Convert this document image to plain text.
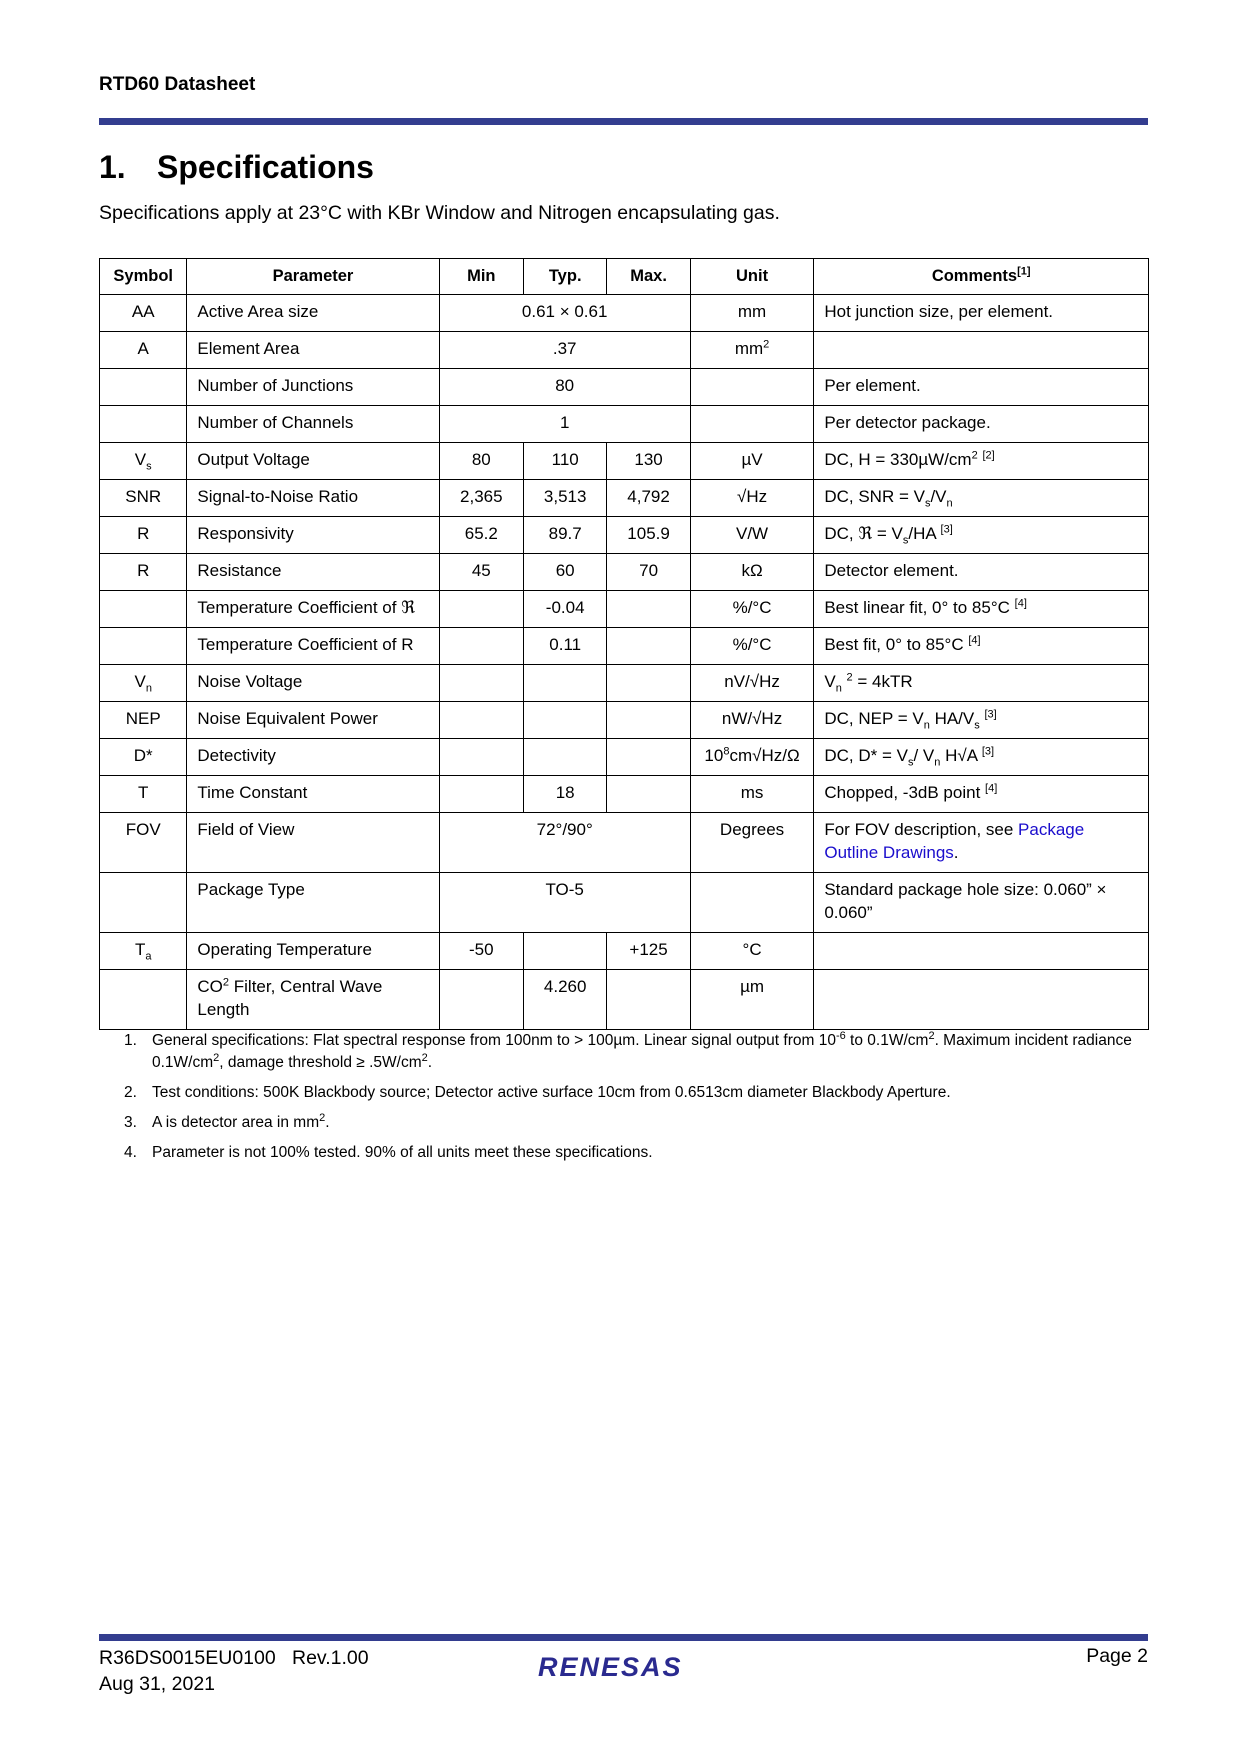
RTD60 Datasheet
1. Specifications
Specifications apply at 23°C with KBr Window and Nitrogen encapsulating gas.
Symbol	Parameter	Min	Typ.	Max.	Unit	Comments[1]
AA	Active Area size	0.61 × 0.61			mm	Hot junction size, per element.
A	Element Area	.37			$mm^2$	
	Number of Junctions	80				Per element.
	Number of Channels	1				Per detector package.
$V_s$	Output Voltage	80	110	130	µV	DC, $H = 330\mu W/cm^2$ [2]
SNR	Signal-to-Noise Ratio	2,365	3,513	4,792	√Hz	DC, SNR = $V_s/V_n$
R	Responsivity	65.2	89.7	105.9	V/W	DC, ℜ = $V_s/HA$ [3]
R	Resistance	45	60	70	kΩ	Detector element.
	Temperature Coefficient of ℜ		-0.04		%/°C	Best linear fit, 0° to 85°C [4]
	Temperature Coefficient of R		0.11		%/°C	Best fit, 0° to 85°C [4]
$V_n$	Noise Voltage				nV/√Hz	$V_n$ $^2$ = 4kTR
NEP	Noise Equivalent Power				nW/√Hz	DC, NEP = $V_n$ $HA/V_s$ [3]
D*	Detectivity				$10^8cm√Hz/\Omega$	DC, $D* = V_s/$ $V_n$ H√A [3]
T	Time Constant		18		ms	Chopped, -3dB point [4]
FOV	Field of View	72°/90°			Degrees	For FOV description, see Package Outline Drawings.
	Package Type	TO-5				Standard package hole size: 0.060” × 0.060”
$T_a$	Operating Temperature	-50		+125	°C	
	$CO^2$ Filter, Central Wave Length		4.260		µm	
1. General specifications: Flat spectral response from 100nm to > 100µm. Linear signal output from $10^{-6}$ to $0.1W/cm^2$. Maximum incident radiance $0.1W/cm^2$, damage threshold ≥ $.5W/cm^2$.
2. Test conditions: 500K Blackbody source; Detector active surface 10cm from 0.6513cm diameter Blackbody Aperture.
3. A is detector area in $mm^2$.
4. Parameter is not 100% tested. 90% of all units meet these specifications.
R36DS0015EU0100 Rev.1.00
Aug 31, 2021
RENESAS	Page 2
